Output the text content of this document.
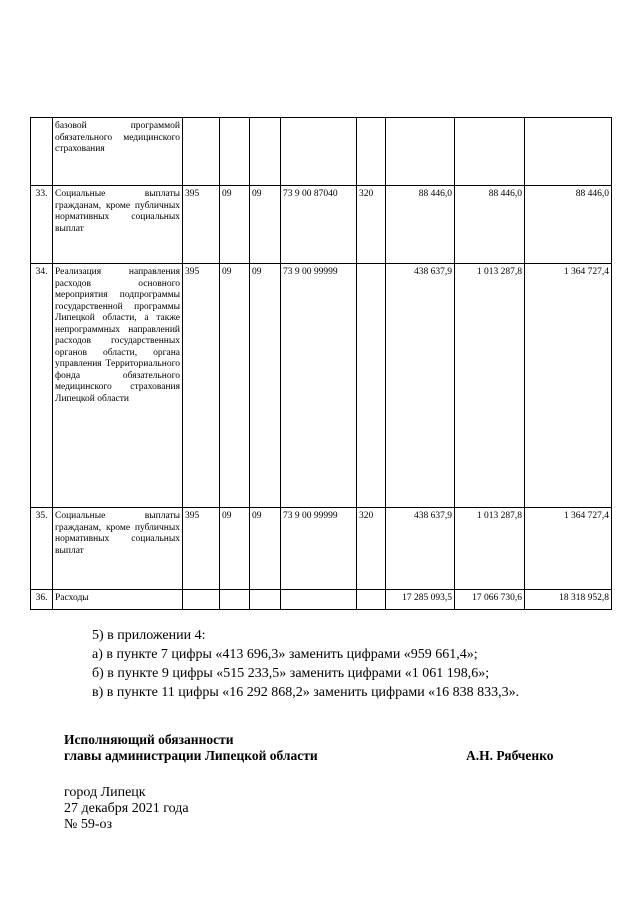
	базовой программой обязательного медицинского страхования								
33.	Социальные выплаты гражданам, кроме публичных нормативных социальных выплат	395	09	09	73 9 00 87040	320	88 446,0	88 446,0	88 446,0
34.	Реализация направления расходов основного мероприятия подпрограммы государственной программы Липецкой области, а также непрограммных направлений расходов государственных органов области, органа управления Территориального фонда обязательного медицинского страхования Липецкой области	395	09	09	73 9 00 99999		438 637,9	1 013 287,8	1 364 727,4
35.	Социальные выплаты гражданам, кроме публичных нормативных социальных выплат	395	09	09	73 9 00 99999	320	438 637,9	1 013 287,8	1 364 727,4
36.	Расходы						17 285 093,5	17 066 730,6	18 318 952,8
5) в приложении 4:
а) в пункте 7 цифры «413 696,3» заменить цифрами «959 661,4»;
б) в пункте 9 цифры «515 233,5» заменить цифрами «1 061 198,6»;
в) в пункте 11 цифры «16 292 868,2» заменить цифрами «16 838 833,3».
Исполняющий обязанности
главы администрации Липецкой области	А.Н. Рябченко
город Липецк
27 декабря 2021 года
№ 59-оз
